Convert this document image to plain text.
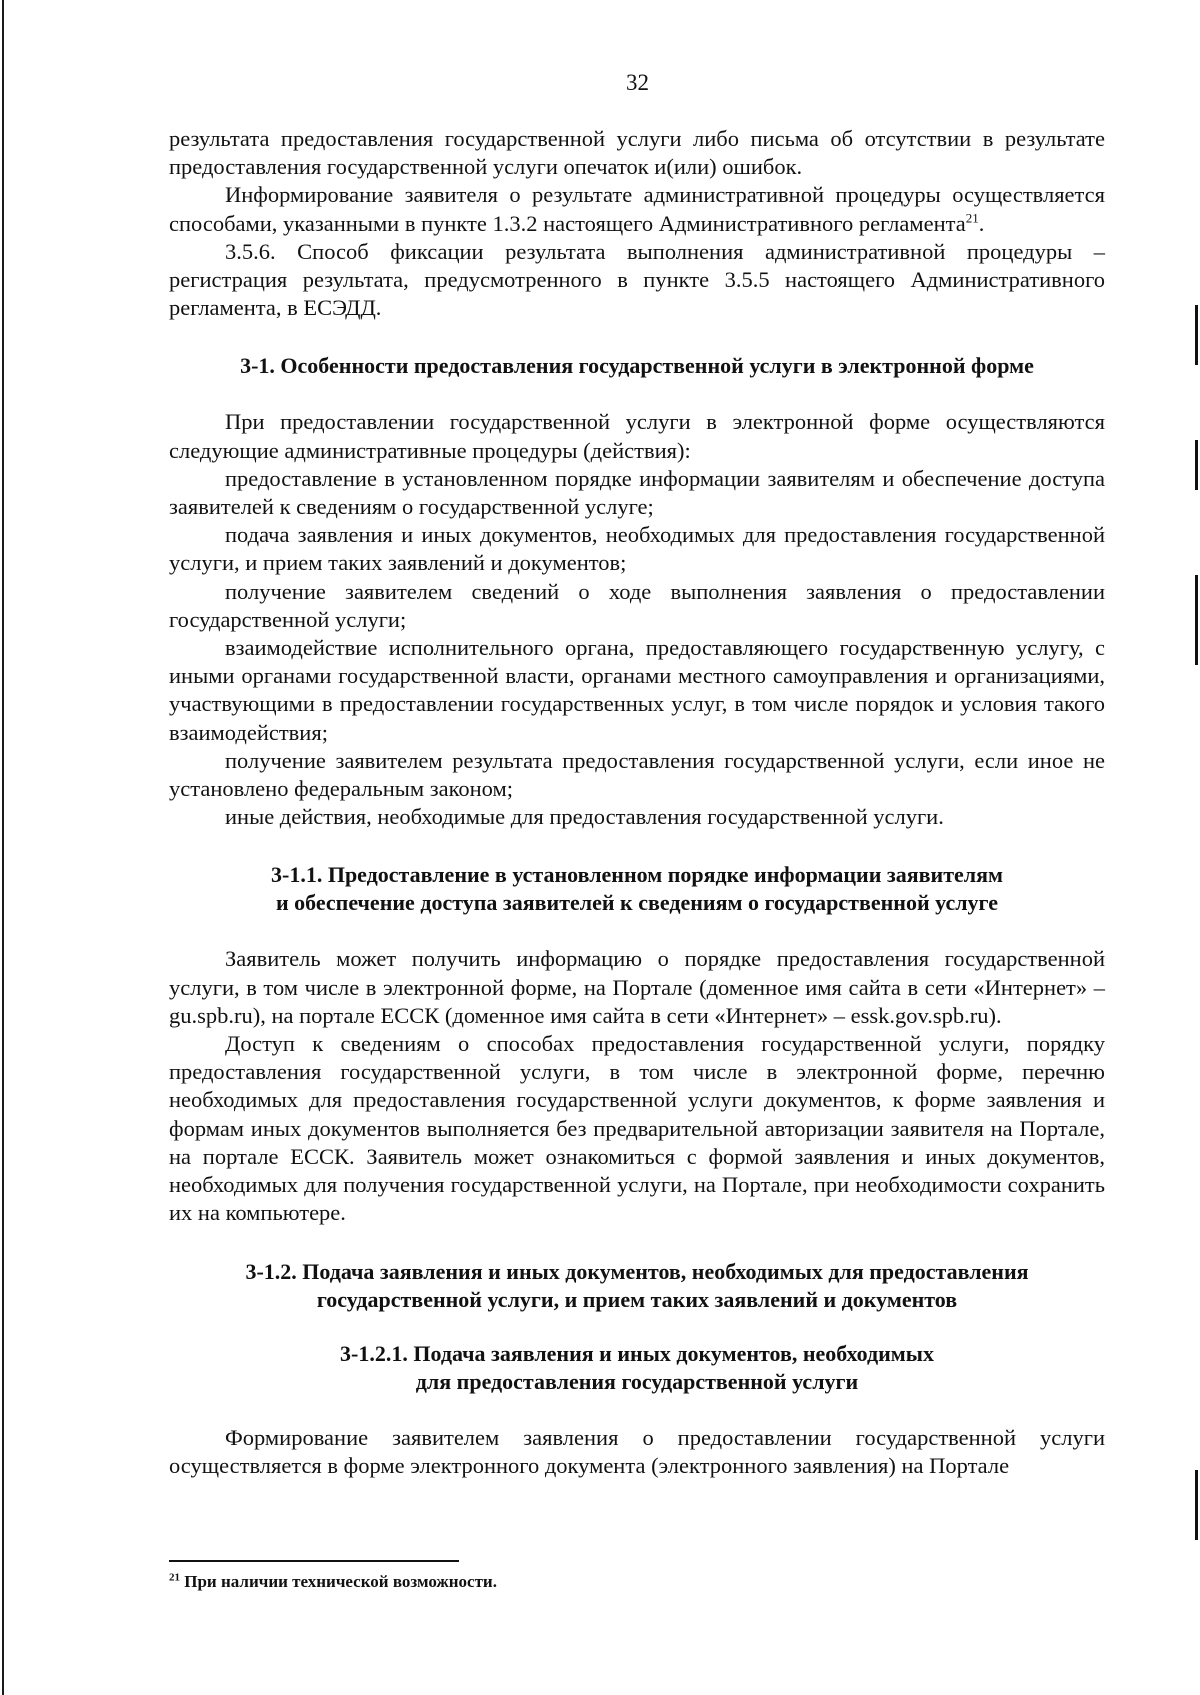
32

результата предоставления государственной услуги либо письма об отсутствии в результате предоставления государственной услуги опечаток и(или) ошибок.

Информирование заявителя о результате административной процедуры осуществляется способами, указанными в пункте 1.3.2 настоящего Административного регламента$^{21}$.

3.5.6. Способ фиксации результата выполнения административной процедуры – регистрация результата, предусмотренного в пункте 3.5.5 настоящего Административного регламента, в ЕСЭДД.

3-1. Особенности предоставления государственной услуги в электронной форме

При предоставлении государственной услуги в электронной форме осуществляются следующие административные процедуры (действия):

предоставление в установленном порядке информации заявителям и обеспечение доступа заявителей к сведениям о государственной услуге;

подача заявления и иных документов, необходимых для предоставления государственной услуги, и прием таких заявлений и документов;

получение заявителем сведений о ходе выполнения заявления о предоставлении государственной услуги;

взаимодействие исполнительного органа, предоставляющего государственную услугу, с иными органами государственной власти, органами местного самоуправления и организациями, участвующими в предоставлении государственных услуг, в том числе порядок и условия такого взаимодействия;

получение заявителем результата предоставления государственной услуги, если иное не установлено федеральным законом;

иные действия, необходимые для предоставления государственной услуги.

3-1.1. Предоставление в установленном порядке информации заявителям

и обеспечение доступа заявителей к сведениям о государственной услуге

Заявитель может получить информацию о порядке предоставления государственной услуги, в том числе в электронной форме, на Портале (доменное имя сайта в сети «Интернет» – gu.spb.ru), на портале ЕССК (доменное имя сайта в сети «Интернет» – essk.gov.spb.ru).

Доступ к сведениям о способах предоставления государственной услуги, порядку предоставления государственной услуги, в том числе в электронной форме, перечню необходимых для предоставления государственной услуги документов, к форме заявления и формам иных документов выполняется без предварительной авторизации заявителя на Портале, на портале ЕССК. Заявитель может ознакомиться с формой заявления и иных документов, необходимых для получения государственной услуги, на Портале, при необходимости сохранить их на компьютере.

3-1.2. Подача заявления и иных документов, необходимых для предоставления

государственной услуги, и прием таких заявлений и документов

3-1.2.1. Подача заявления и иных документов, необходимых

для предоставления государственной услуги

Формирование заявителем заявления о предоставлении государственной услуги осуществляется в форме электронного документа (электронного заявления) на Портале

$^{21}$ При наличии технической возможности.
